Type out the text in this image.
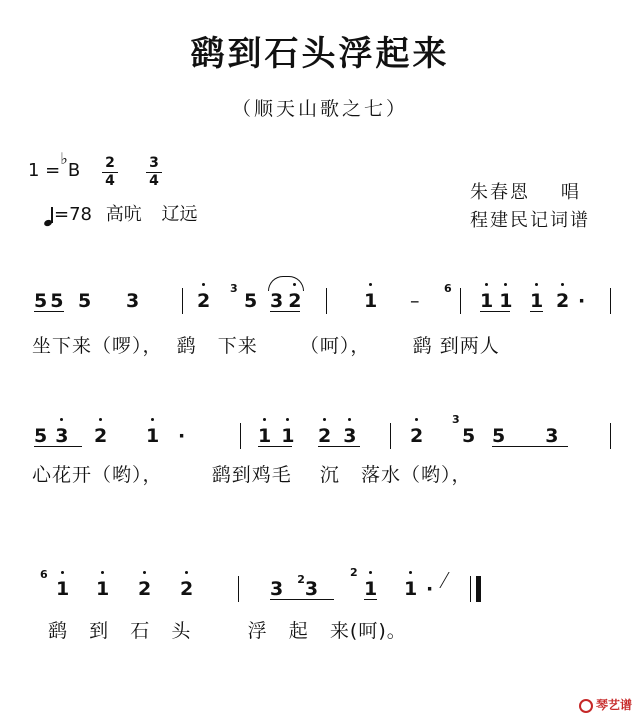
鹞到石头浮起来
（顺天山歌之七）
1 =♭B 2
4
3
4
=78 高吭 辽远
朱春恩    唱
程建民记词谱
5 5 5 3	2
3
5 3 2	1 –
6
1 1 1 2 ·
坐下来（啰），  鹞   下来      （呵），      鹞 到两人
5 3	2 1 ·	1 1 2 3	2
3
5 5 3
心花开（哟），       鹞到鸡毛    沉   落水（哟），
6
1 1 2 2	3 $^2$3
2
1 1 ·
鹞   到   石   头        浮   起   来(呵)。
琴艺谱
